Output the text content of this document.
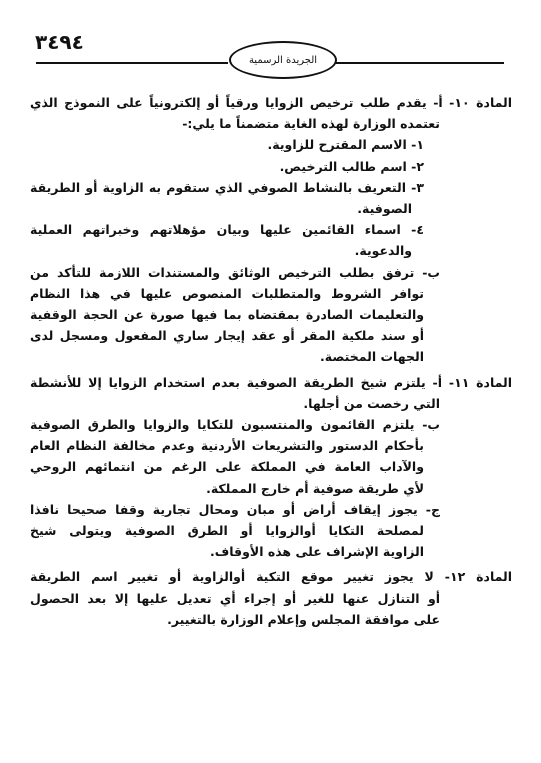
٣٤٩٤
الجريدة الرسمية
المادة ١٠- أ- يقدم طلب ترخيص الزوايا ورقياً أو إلكترونياً على النموذج الذي
تعتمده الوزارة لهذه الغاية متضمناً ما يلي:-
١- الاسم المقترح للزاوية.
٢- اسم طالب الترخيص.
٣- التعريف بالنشاط الصوفي الذي ستقوم به الزاوية أو الطريقة
الصوفية.
٤- اسماء القائمين عليها وبيان مؤهلاتهم وخبراتهم العملية
والدعوية.
ب- ترفق بطلب الترخيص الوثائق والمستندات اللازمة للتأكد من
توافر الشروط والمتطلبات المنصوص عليها في هذا النظام
والتعليمات الصادرة بمقتضاه بما فيها صورة عن الحجة الوقفية
أو سند ملكية المقر أو عقد إيجار ساري المفعول ومسجل لدى
الجهات المختصة.
المادة ١١- أ- يلتزم شيخ الطريقة الصوفية بعدم استخدام الزوايا إلا للأنشطة
التي رخصت من أجلها.
ب- يلتزم القائمون والمنتسبون للتكايا والزوايا والطرق الصوفية
بأحكام الدستور والتشريعات الأردنية وعدم مخالفة النظام العام
والآداب العامة في المملكة على الرغم من انتمائهم الروحي
لأي طريقة صوفية أم خارج المملكة.
ج- يجوز إيقاف أراض أو مبان ومحال تجارية وقفا صحيحا نافذا
لمصلحة التكايا أوالزوايا أو الطرق الصوفية ويتولى شيخ
الزاوية الإشراف على هذه الأوقاف.
المادة ١٢- لا يجوز تغيير موقع التكية أوالزاوية أو تغيير اسم الطريقة
أو التنازل عنها للغير أو إجراء أي تعديل عليها إلا بعد الحصول
على موافقة المجلس وإعلام الوزارة بالتغيير.
